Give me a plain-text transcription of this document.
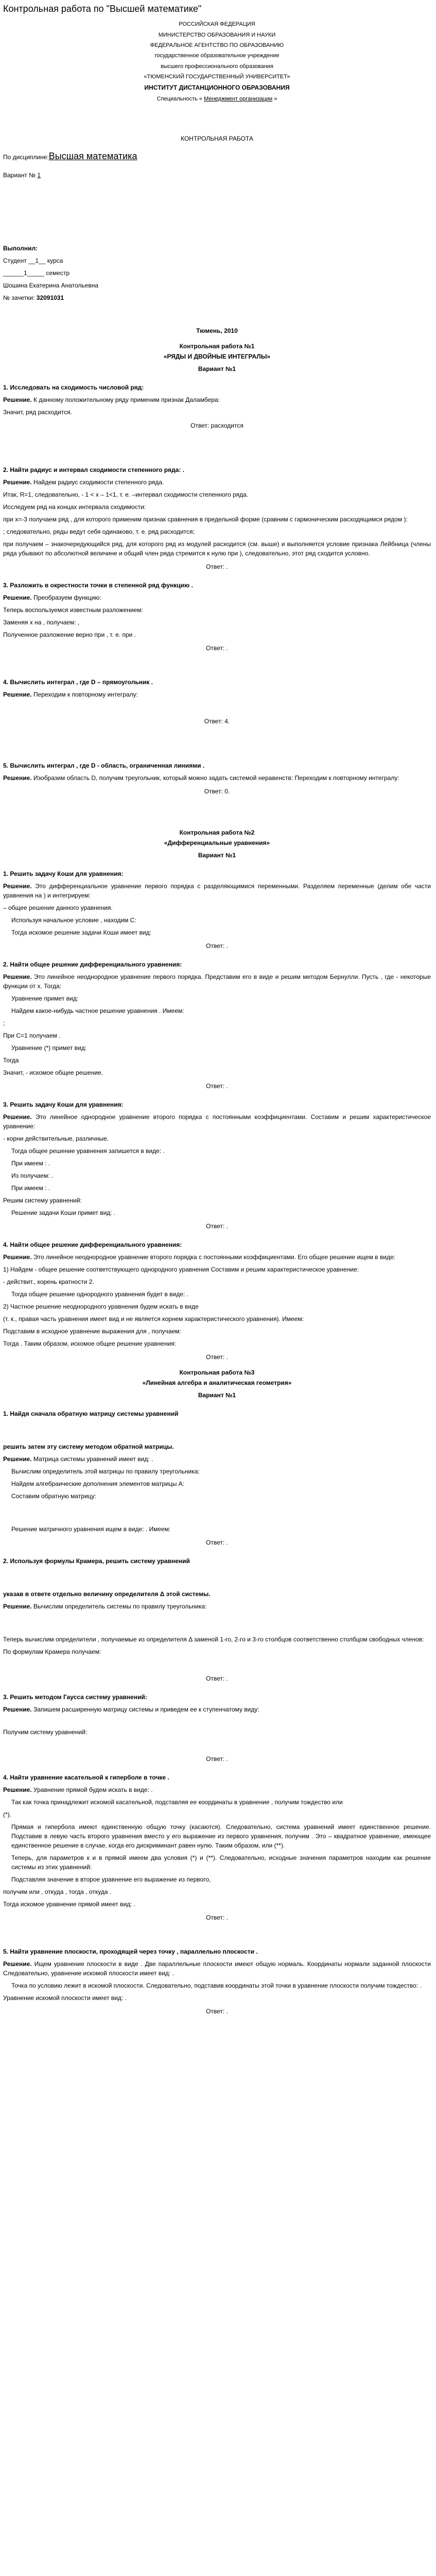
Контрольная работа по "Высшей математике"

РОССИЙСКАЯ ФЕДЕРАЦИЯ

МИНИСТЕРСТВО ОБРАЗОВАНИЯ И НАУКИ

ФЕДЕРАЛЬНОЕ АГЕНТСТВО ПО ОБРАЗОВАНИЮ

государственное образовательное учреждение

высшего профессионального образования

«ТЮМЕНСКИЙ ГОСУДАРСТВЕННЫЙ УНИВЕРСИТЕТ»

ИНСТИТУТ ДИСТАНЦИОННОГО ОБРАЗОВАНИЯ

Специальность « Менеджмент организации »

КОНТРОЛЬНАЯ РАБОТА

По дисциплине:Высшая математика

Вариант № 1

Выполнил:

Студент __1__ курса

______1_____ семестр

Шошина Екатерина Анатольевна

№ зачетки: 32091031

Тюмень, 2010

Контрольная работа №1

«РЯДЫ И ДВОЙНЫЕ ИНТЕГРАЛЫ»

Вариант №1

1. Исследовать на сходимость числовой ряд:

Решение. К данному положительному ряду применим признак Даламбера:

Значит, ряд расходится.

Ответ: расходится

2. Найти радиус и интервал сходимости степенного ряда: .

Решение. Найдем радиус сходимости степенного ряда.

Итак, R=1, следовательно, - 1 < х – 1<1, т. е. –интервал сходимости степенного ряда.

Исследуем ряд на концах интервала сходимости:

при x=-3 получаем ряд , для которого применим признак сравнения в предельной форме (сравним с гармоническим расходящимся рядом ):

; следовательно, ряды ведут себя одинаково, т. е. ряд расходится;

при получаем – знакочередующийся ряд, для которого ряд из модулей расходится (см. выше) и выполняется условие признака Лейбница (члены ряда убывают по абсолютной величине и общий член ряда стремится к нулю при ), следовательно, этот ряд сходится условно.

Ответ: .

3. Разложить в окрестности точки в степенной ряд функцию .

Решение. Преобразуем функцию:

Теперь воспользуемся известным разложением:

Заменяя x на , получаем: ,

Полученное разложение верно при , т. е. при .

Ответ: .

4. Вычислить интеграл , где D – прямоугольник .

Решение. Переходим к повторному интегралу:

Ответ: 4.

5. Вычислить интеграл , где D - область, ограниченная линиями .

Решение. Изобразим область D, получим треугольник, который можно задать системой неравенств: Переходим к повторному интегралу:

Ответ: 0.

Контрольная работа №2

«Дифференциальные уравнения»

Вариант №1

1. Решить задачу Коши для уравнения:

Решение. Это дифференциальное уравнение первого порядка с разделяющимися переменными. Разделяем переменные (делим обе части уравнения на ) и интегрируем:

– общее решение данного уравнения.

Используя начальное условие , находим C:

Тогда искомое решение задачи Коши имеет вид:

Ответ: .

2. Найти общее решение дифференциального уравнения:

Решение. Это линейное неоднородное уравнение первого порядка. Представим его в виде и решим методом Бернулли. Пусть , где - некоторые функции от x. Тогда:

Уравнение примет вид:

Найдем какое-нибудь частное решение уравнения . Имеем:

;

При C=1 получаем .

Уравнение (*) примет вид:

Тогда

Значит, - искомое общее решение.

Ответ: .

3. Решить задачу Коши для уравнения:

Решение. Это линейное однородное уравнение второго порядка с постоянными коэффициентами. Составим и решим характеристическое уравнение:

- корни действительные, различные.

Тогда общее решение уравнения запишется в виде: .

При имеем : .

Из получаем: .

При имеем : .

Решим систему уравнений:

Решение задачи Коши примет вид: .

Ответ: .

4. Найти общее решение дифференциального уравнения:

Решение. Это линейное неоднородное уравнение второго порядка с постоянными коэффициентами. Его общее решение ищем в виде:

1) Найдем - общее решение соответствующего однородного уравнения Составим и решим характеристическое уравнение:

- действит., корень кратности 2.

Тогда общее решение однородного уравнения будет в виде: .

2) Частное решение неоднородного уравнения будем искать в виде

(т. к., правая часть уравнения имеет вид и не является корнем характеристического уравнения). Имеем:

Подставим в исходное уравнение выражения для , получаем:

Тогда . Таким образом, искомое общее решение уравнения:

Ответ: .

Контрольная работа №3

«Линейная алгебра и аналитическая геометрия»

Вариант №1

1. Найдя сначала обратную матрицу системы уравнений

решить затем эту систему методом обратной матрицы.

Решение. Матрица системы уравнений имеет вид: .

Вычислим определитель этой матрицы по правилу треугольника:

Найдем алгебраические дополнения элементов матрицы A:

Составим обратную матрицу:

Решение матричного уравнения ищем в виде: . Имеем:

Ответ: .

2. Используя формулы Крамера, решить систему уравнений

указав в ответе отдельно величину определителя Δ этой системы.

Решение. Вычислим определитель системы по правилу треугольника:

Теперь вычислим определители , получаемые из определителя Δ заменой 1-го, 2-го и 3-го столбцов соответственно столбцом свободных членов:

По формулам Крамера получаем:

Ответ: .

3. Решить методом Гаусса систему уравнений:

Решение. Запишем расширенную матрицу системы и приведем ее к ступенчатому виду:

Получим систему уравнений:

Ответ: .

4. Найти уравнение касательной к гиперболе в точке .

Решение. Уравнение прямой будем искать в виде: .

Так как точка принадлежит искомой касательной, подставляя ее координаты в уравнение , получим тождество или

(*).

Прямая и гипербола имеют единственную общую точку (касаются). Следовательно, система уравнений имеет единственное решение. Подставив в левую часть второго уравнения вместо y его выражение из первого уравнения, получим . Это – квадратное уравнение, имеющее единственное решение в случае, когда его дискриминант равен нулю. Таким образом, или (**).

Теперь, для параметров к и в прямой имеем два условия (*) и (**). Следовательно, исходные значения параметров находим как решение системы из этих уравнений:

Подставляя значение в второе уравнение его выражение из первого,

получим или , откуда , тогда , откуда .

Тогда искомое уравнение прямой имеет вид: .

Ответ: .

5. Найти уравнение плоскости, проходящей через точку , параллельно плоскости .

Решение. Ищем уравнение плоскости в виде . Две параллельные плоскости имеют общую нормаль. Координаты нормали заданной плоскости Следовательно, уравнение искомой плоскости имеет вид: .

Точка по условию лежит в искомой плоскости. Следовательно, подставив координаты этой точки в уравнение плоскости получим тождество: .

Уравнение искомой плоскости имеет вид: .

Ответ: .
